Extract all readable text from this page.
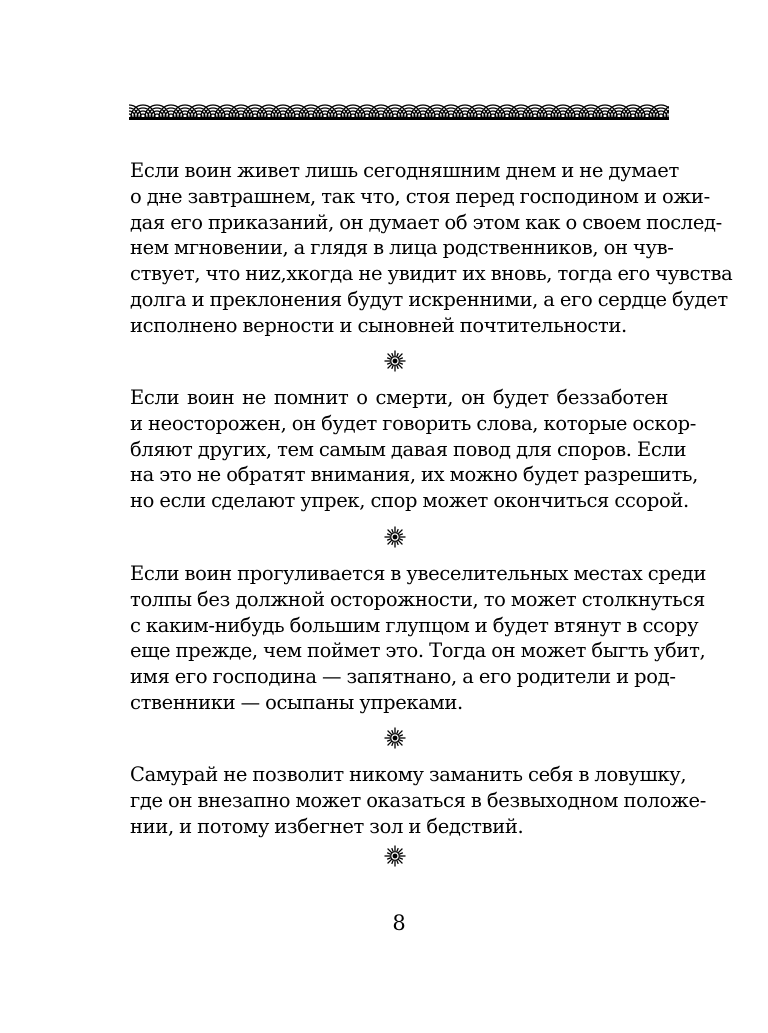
Если воин живет лишь сегодняшним днем и не думает
о дне завтрашнем, так что, стоя перед господином и ожи-
дая его приказаний, он думает об этом как о своем послед-
нем мгновении, а глядя в лица родственников, он чув-
ствует, что ниz,хкогда не увидит их вновь, тогда его чувства
долга и преклонения будут искренними, а его сердце будет
исполнено верности и сыновней почтительности.
Если воин не помнит о смерти, он будет беззаботен
и неосторожен, он будет говорить слова, которые оскор-
бляют других, тем самым давая повод для споров. Если
на это не обратят внимания, их можно будет разрешить,
но если сделают упрек, спор может окончиться ссорой.
Если воин прогуливается в увеселительных местах среди
толпы без должной осторожности, то может столкнуться
с каким-нибудь большим глупцом и будет втянут в ссору
еще прежде, чем поймет это. Тогда он может быгть убит,
имя его господина — запятнано, а его родители и род-
ственники — осыпаны упреками.
Самурай не позволит никому заманить себя в ловушку,
где он внезапно может оказаться в безвыходном положе-
нии, и потому избегнет зол и бедствий.
8
